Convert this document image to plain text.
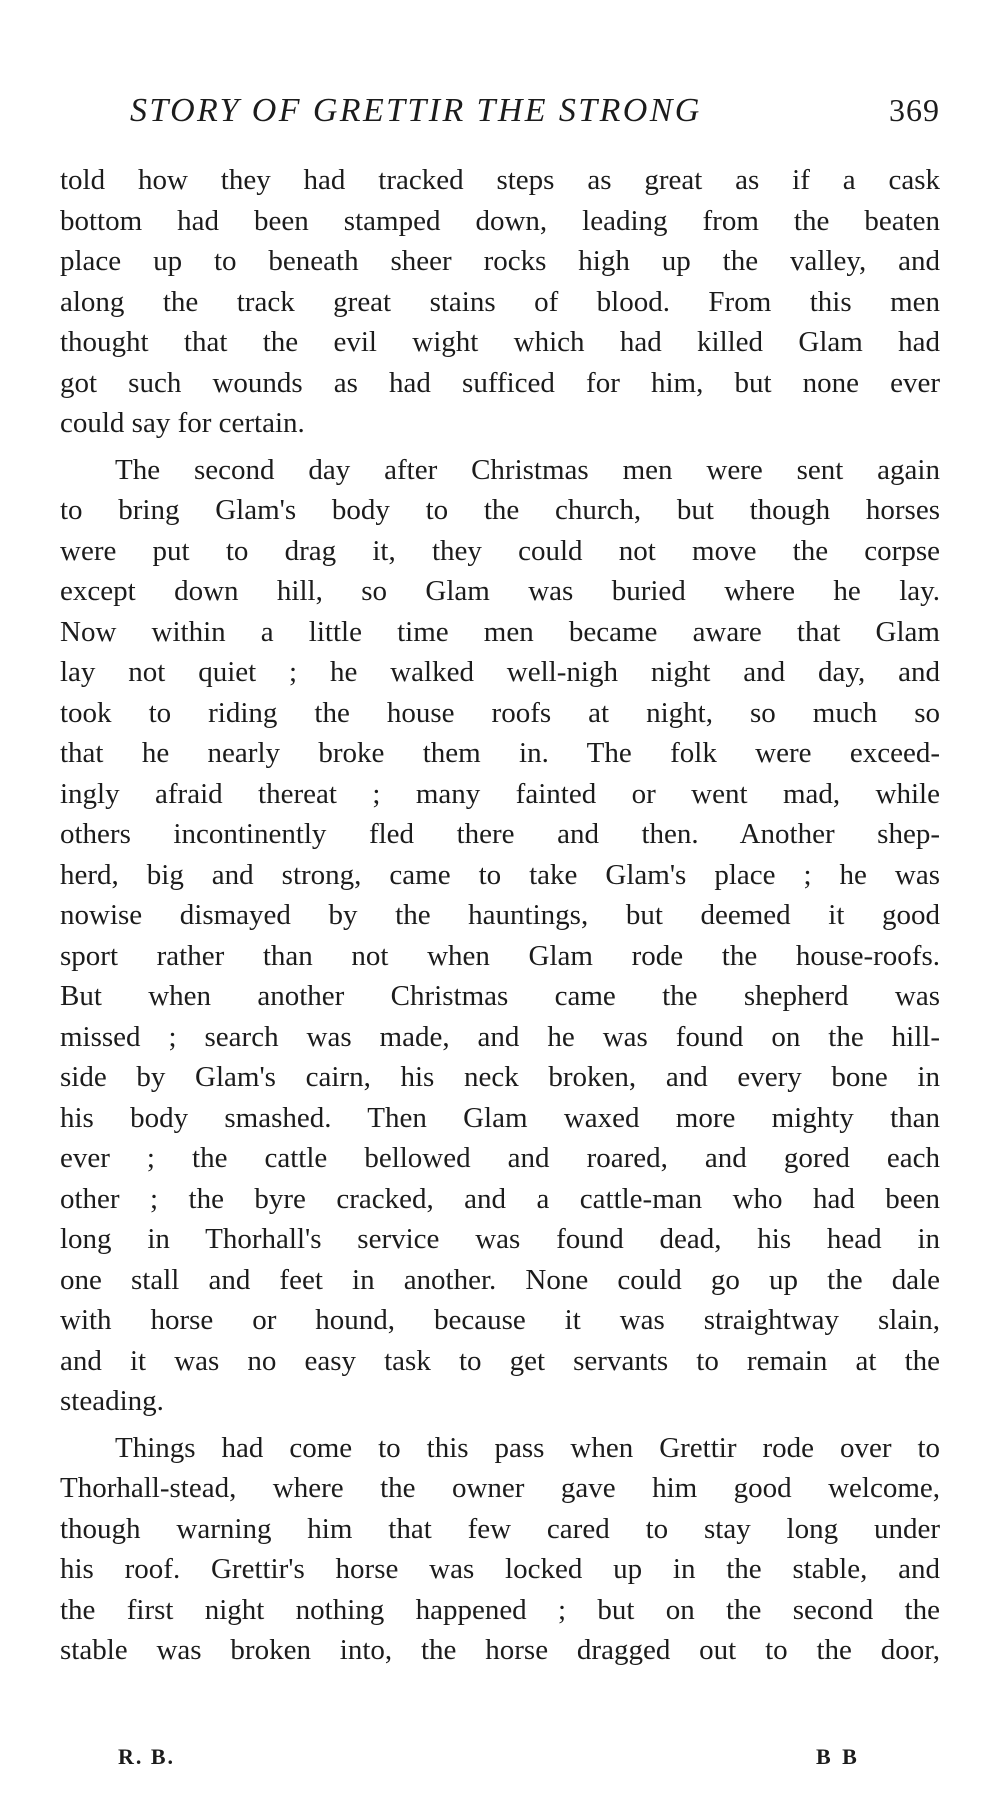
STORY OF GRETTIR THE STRONG	369
told how they had tracked steps as great as if a cask
bottom had been stamped down, leading from the beaten
place up to beneath sheer rocks high up the valley, and
along the track great stains of blood. From this men
thought that the evil wight which had killed Glam had
got such wounds as had sufficed for him, but none ever
could say for certain.
The second day after Christmas men were sent again
to bring Glam's body to the church, but though horses
were put to drag it, they could not move the corpse
except down hill, so Glam was buried where he lay.
Now within a little time men became aware that Glam
lay not quiet ; he walked well-nigh night and day, and
took to riding the house roofs at night, so much so
that he nearly broke them in. The folk were exceed-
ingly afraid thereat ; many fainted or went mad, while
others incontinently fled there and then. Another shep-
herd, big and strong, came to take Glam's place ; he was
nowise dismayed by the hauntings, but deemed it good
sport rather than not when Glam rode the house-roofs.
But when another Christmas came the shepherd was
missed ; search was made, and he was found on the hill-
side by Glam's cairn, his neck broken, and every bone in
his body smashed. Then Glam waxed more mighty than
ever ; the cattle bellowed and roared, and gored each
other ; the byre cracked, and a cattle-man who had been
long in Thorhall's service was found dead, his head in
one stall and feet in another. None could go up the dale
with horse or hound, because it was straightway slain,
and it was no easy task to get servants to remain at the
steading.
Things had come to this pass when Grettir rode over to
Thorhall-stead, where the owner gave him good welcome,
though warning him that few cared to stay long under
his roof. Grettir's horse was locked up in the stable, and
the first night nothing happened ; but on the second the
stable was broken into, the horse dragged out to the door,
R. B.	B B
